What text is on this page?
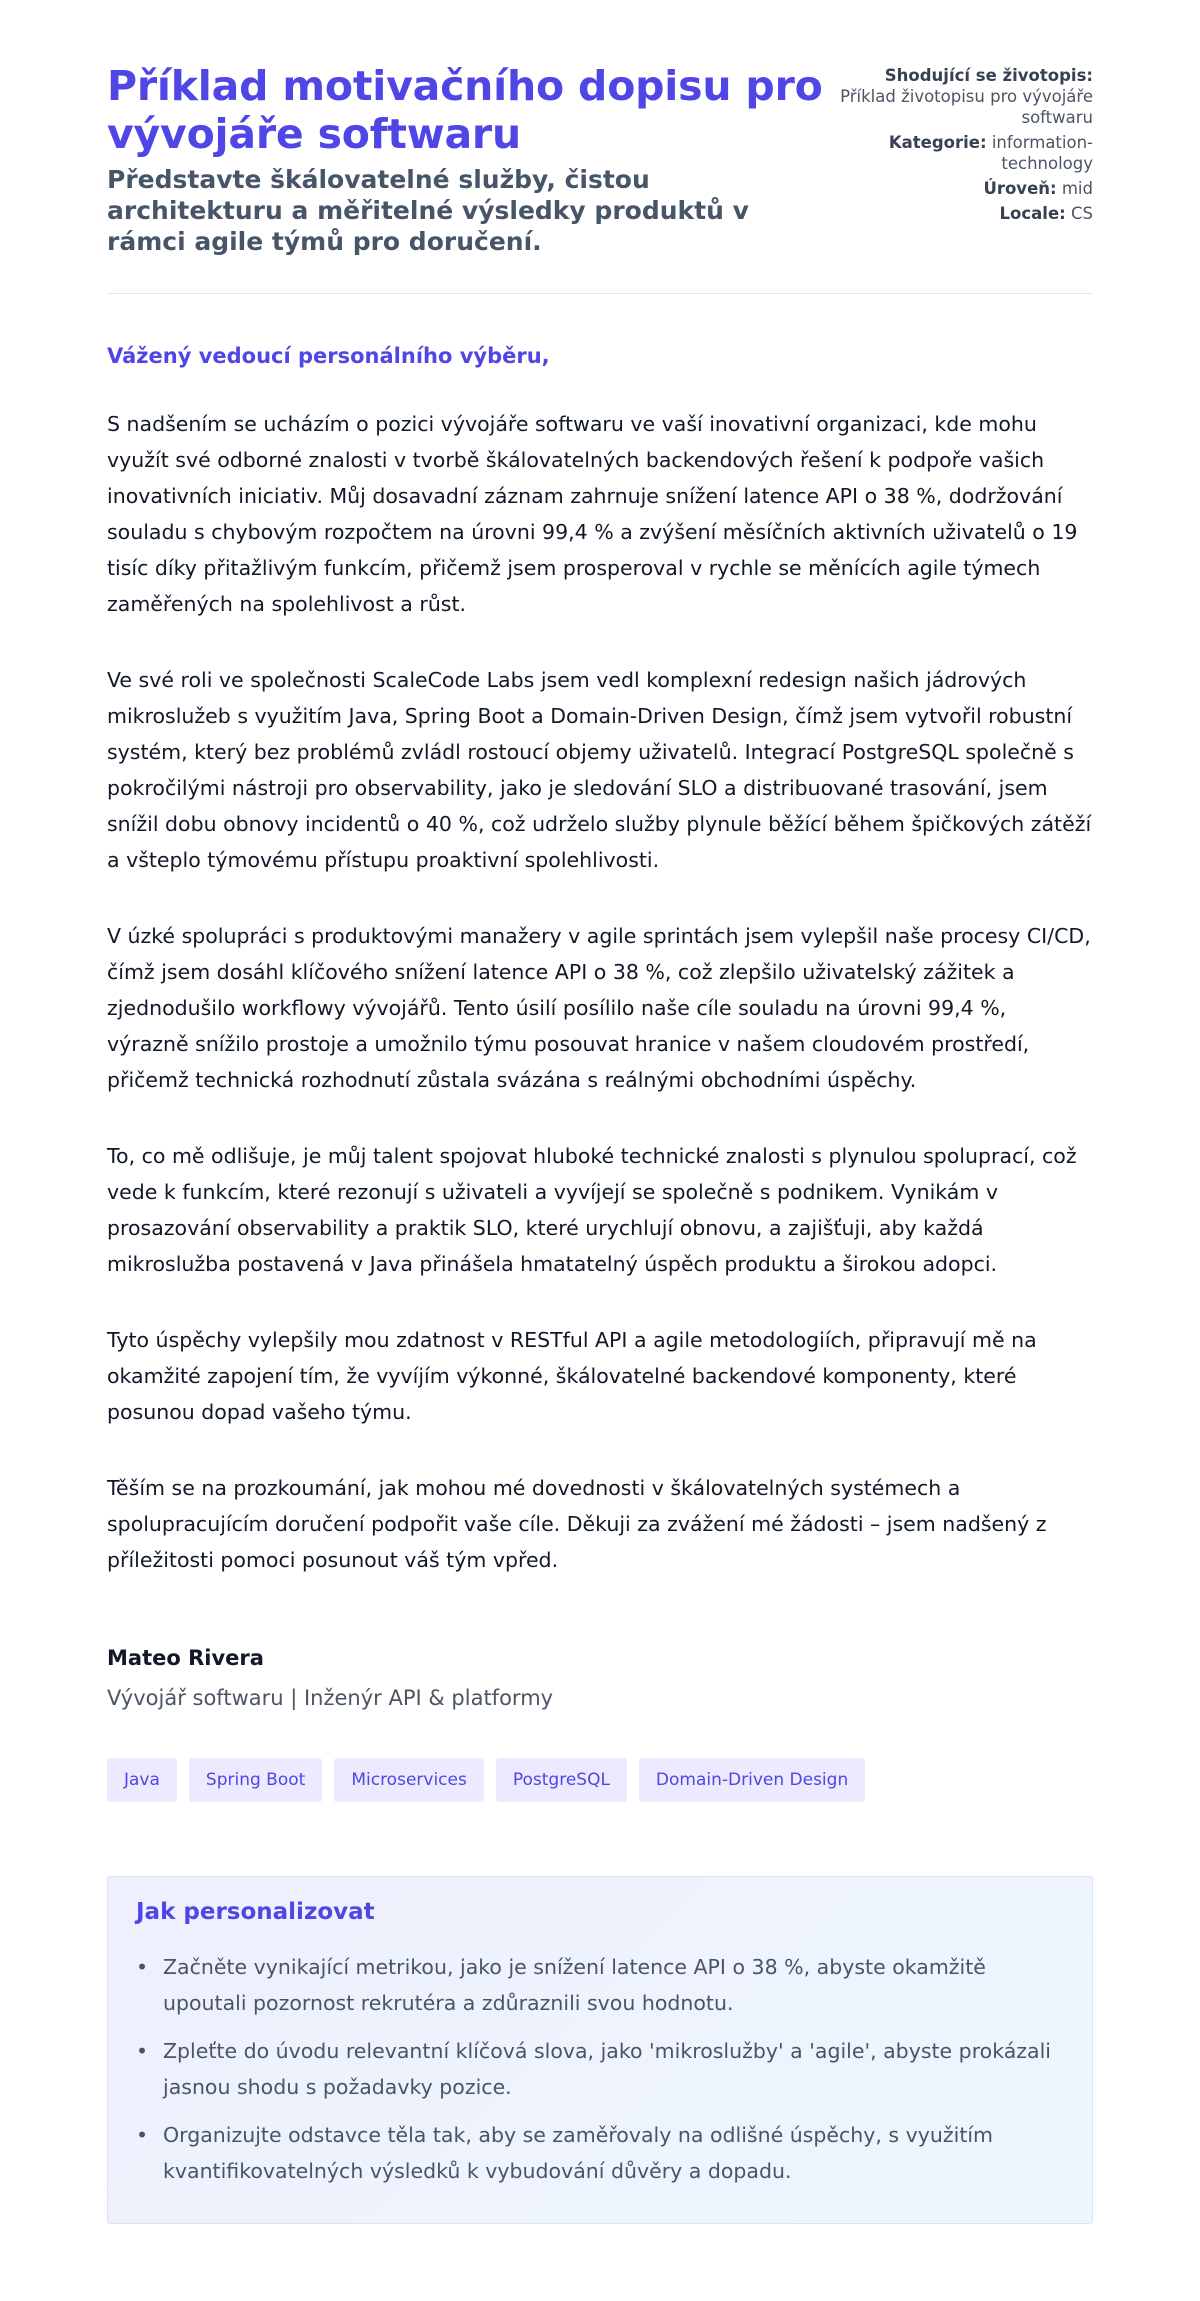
Příklad motivačního dopisu pro vývojáře softwaru
Představte škálovatelné služby, čistou architekturu a měřitelné výsledky produktů v rámci agile týmů pro doručení.
Shodující se životopis:
Příklad životopisu pro vývojáře softwaru
Kategorie: information-technology
Úroveň: mid
Locale: CS
Vážený vedoucí personálního výběru,

S nadšením se ucházím o pozici vývojáře softwaru ve vaší inovativní organizaci, kde mohu využít své odborné znalosti v tvorbě škálovatelných backendových řešení k podpoře vašich inovativních iniciativ. Můj dosavadní záznam zahrnuje snížení latence API o 38 %, dodržování souladu s chybovým rozpočtem na úrovni 99,4 % a zvýšení měsíčních aktivních uživatelů o 19 tisíc díky přitažlivým funkcím, přičemž jsem prosperoval v rychle se měnících agile týmech zaměřených na spolehlivost a růst.

Ve své roli ve společnosti ScaleCode Labs jsem vedl komplexní redesign našich jádrových mikroslužeb s využitím Java, Spring Boot a Domain-Driven Design, čímž jsem vytvořil robustní systém, který bez problémů zvládl rostoucí objemy uživatelů. Integrací PostgreSQL společně s pokročilými nástroji pro observability, jako je sledování SLO a distribuované trasování, jsem snížil dobu obnovy incidentů o 40 %, což udrželo služby plynule běžící během špičkových zátěží a všteplo týmovému přístupu proaktivní spolehlivosti.

V úzké spolupráci s produktovými manažery v agile sprintách jsem vylepšil naše procesy CI/CD, čímž jsem dosáhl klíčového snížení latence API o 38 %, což zlepšilo uživatelský zážitek a zjednodušilo workflowy vývojářů. Tento úsilí posílilo naše cíle souladu na úrovni 99,4 %, výrazně snížilo prostoje a umožnilo týmu posouvat hranice v našem cloudovém prostředí, přičemž technická rozhodnutí zůstala svázána s reálnými obchodními úspěchy.

To, co mě odlišuje, je můj talent spojovat hluboké technické znalosti s plynulou spoluprací, což vede k funkcím, které rezonují s uživateli a vyvíjejí se společně s podnikem. Vynikám v prosazování observability a praktik SLO, které urychlují obnovu, a zajišťuji, aby každá mikroslužba postavená v Java přinášela hmatatelný úspěch produktu a širokou adopci.

Tyto úspěchy vylepšily mou zdatnost v RESTful API a agile metodologiích, připravují mě na okamžité zapojení tím, že vyvíjím výkonné, škálovatelné backendové komponenty, které posunou dopad vašeho týmu.

Těším se na prozkoumání, jak mohou mé dovednosti v škálovatelných systémech a spolupracujícím doručení podpořit vaše cíle. Děkuji za zvážení mé žádosti – jsem nadšený z příležitosti pomoci posunout váš tým vpřed.

Mateo Rivera
Vývojář softwaru | Inženýr API & platformy
Java	Spring Boot	Microservices	PostgreSQL	Domain-Driven Design
Jak personalizovat
• Začněte vynikající metrikou, jako je snížení latence API o 38 %, abyste okamžitě upoutali pozornost rekrutéra a zdůraznili svou hodnotu.
• Zpleťte do úvodu relevantní klíčová slova, jako 'mikroslužby' a 'agile', abyste prokázali jasnou shodu s požadavky pozice.
• Organizujte odstavce těla tak, aby se zaměřovaly na odlišné úspěchy, s využitím kvantifikovatelných výsledků k vybudování důvěry a dopadu.
